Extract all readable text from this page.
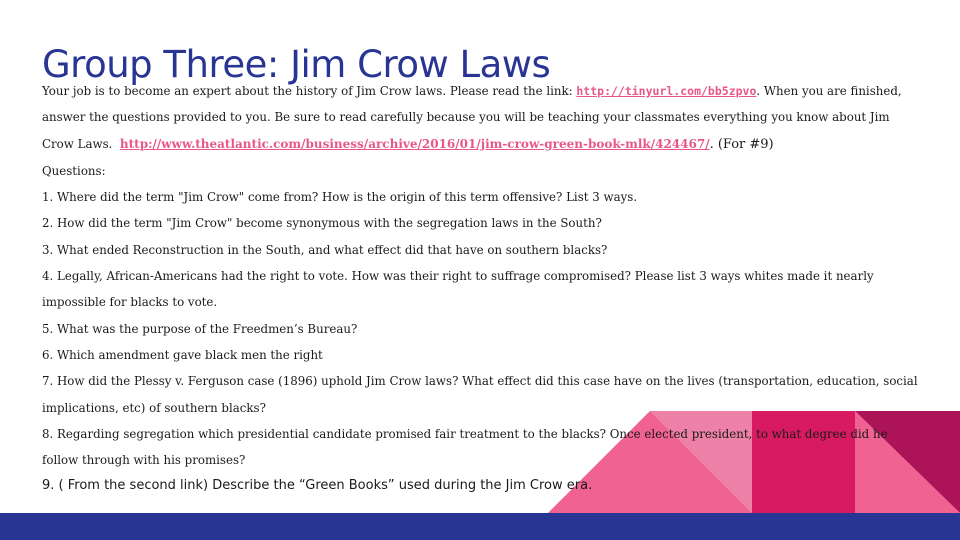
Group Three: Jim Crow Laws

Your job is to become an expert about the history of Jim Crow laws. Please read the link: http://tinyurl.com/bb5zpvo. When you are finished, answer the questions provided to you. Be sure to read carefully because you will be teaching your classmates everything you know about Jim Crow Laws.  http://www.theatlantic.com/business/archive/2016/01/jim-crow-green-book-mlk/424467/. (For #9)

Questions:

1. Where did the term "Jim Crow" come from? How is the origin of this term offensive? List 3 ways.

2. How did the term "Jim Crow" become synonymous with the segregation laws in the South?

3. What ended Reconstruction in the South, and what effect did that have on southern blacks?

4. Legally, African-Americans had the right to vote. How was their right to suffrage compromised? Please list 3 ways whites made it nearly impossible for blacks to vote.

5. What was the purpose of the Freedmen’s Bureau?

6. Which amendment gave black men the right

7. How did the Plessy v. Ferguson case (1896) uphold Jim Crow laws? What effect did this case have on the lives (transportation, education, social implications, etc) of southern blacks?

8. Regarding segregation which presidential candidate promised fair treatment to the blacks? Once elected president, to what degree did he follow through with his promises?

9. ( From the second link) Describe the “Green Books” used during the Jim Crow era.
